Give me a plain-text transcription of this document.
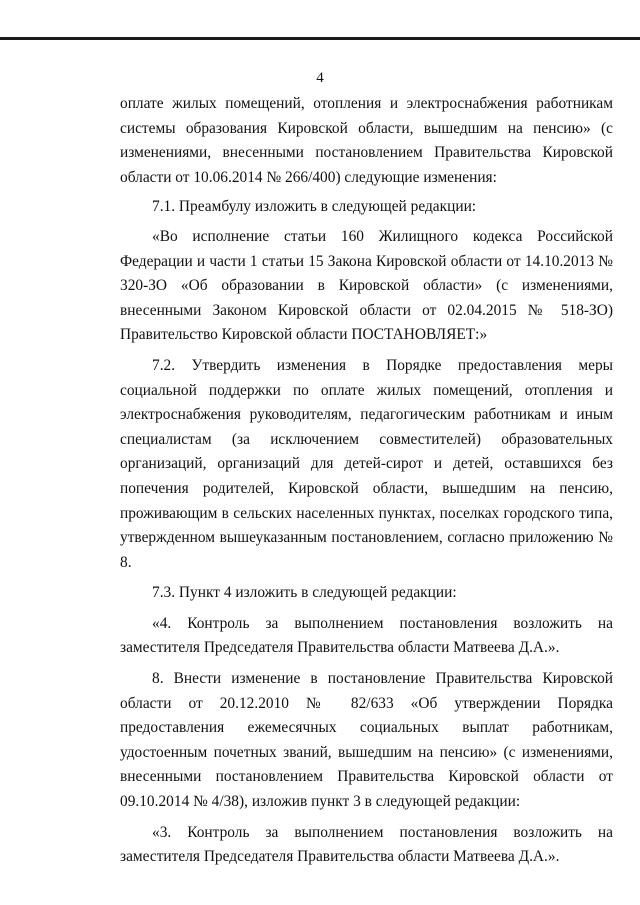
4

оплате жилых помещений, отопления и электроснабжения работникам системы образования Кировской области, вышедшим на пенсию» (с изменениями, внесенными постановлением Правительства Кировской области от 10.06.2014 № 266/400) следующие изменения:

7.1. Преамбулу изложить в следующей редакции:

«Во исполнение статьи 160 Жилищного кодекса Российской Федерации и части 1 статьи 15 Закона Кировской области от 14.10.2013 № 320-ЗО «Об образовании в Кировской области» (с изменениями, внесенными Законом Кировской области от 02.04.2015 № 518-ЗО) Правительство Кировской области ПОСТАНОВЛЯЕТ:»

7.2. Утвердить изменения в Порядке предоставления меры социальной поддержки по оплате жилых помещений, отопления и электроснабжения руководителям, педагогическим работникам и иным специалистам (за исключением совместителей) образовательных организаций, организаций для детей-сирот и детей, оставшихся без попечения родителей, Кировской области, вышедшим на пенсию, проживающим в сельских населенных пунктах, поселках городского типа, утвержденном вышеуказанным постановлением, согласно приложению № 8.

7.3. Пункт 4 изложить в следующей редакции:

«4. Контроль за выполнением постановления возложить на заместителя Председателя Правительства области Матвеева Д.А.».

8. Внести изменение в постановление Правительства Кировской области от 20.12.2010 № 82/633 «Об утверждении Порядка предоставления ежемесячных социальных выплат работникам, удостоенным почетных званий, вышедшим на пенсию» (с изменениями, внесенными постановлением Правительства Кировской области от 09.10.2014 № 4/38), изложив пункт 3 в следующей редакции:

«3. Контроль за выполнением постановления возложить на заместителя Председателя Правительства области Матвеева Д.А.».
